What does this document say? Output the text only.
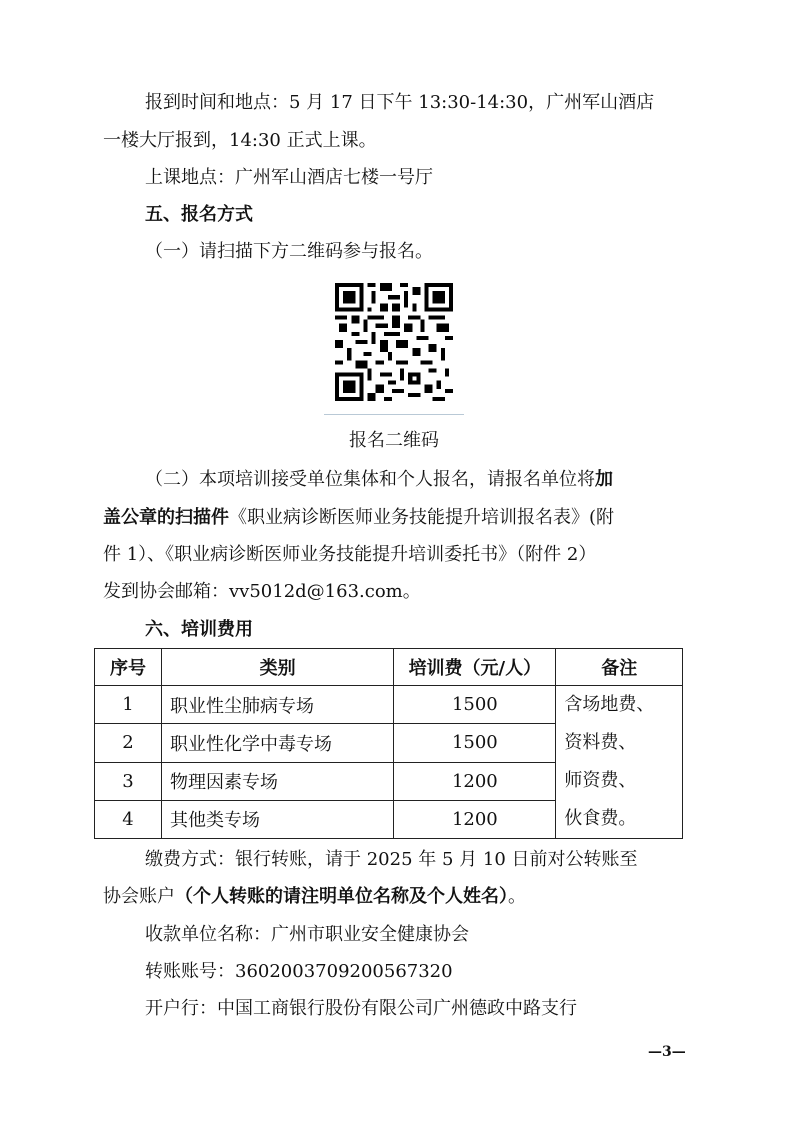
报到时间和地点：5 月 17 日下午 13:30-14:30，广州军山酒店
一楼大厅报到，14:30 正式上课。
上课地点：广州军山酒店七楼一号厅
五、报名方式
（一）请扫描下方二维码参与报名。
报名二维码
（二）本项培训接受单位集体和个人报名，请报名单位将加
盖公章的扫描件《职业病诊断医师业务技能提升培训报名表》(附
件 1）、《职业病诊断医师业务技能提升培训委托书》（附件 2）
发到协会邮箱：vv5012d@163.com。
六、培训费用
序号	类别	培训费（元/人）	备注
1	职业性尘肺病专场	1500	含场地费、
资料费、
师资费、
伙食费。
2	职业性化学中毒专场	1500	
3	物理因素专场	1200	
4	其他类专场	1200	
缴费方式：银行转账，请于 2025 年 5 月 10 日前对公转账至
协会账户（个人转账的请注明单位名称及个人姓名）。
收款单位名称：广州市职业安全健康协会
转账账号：3602003709200567320
开户行：中国工商银行股份有限公司广州德政中路支行
—3—
